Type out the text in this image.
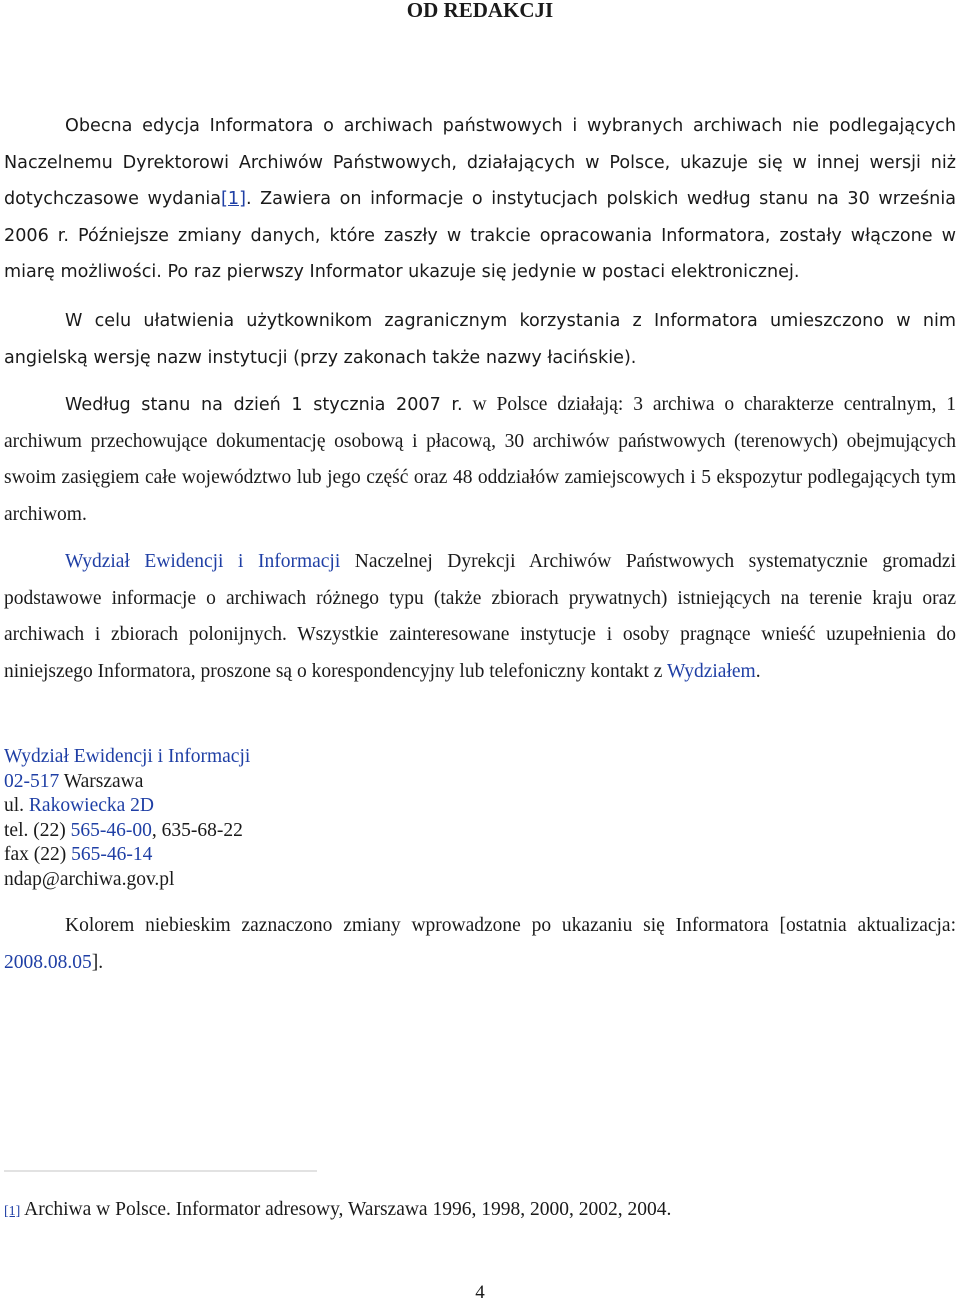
OD REDAKCJI

Obecna edycja Informatora o archiwach państwowych i wybranych archiwach nie podlegających Naczelnemu Dyrektorowi Archiwów Państwowych, działających w Polsce, ukazuje się w innej wersji niż dotychczasowe wydania[1]. Zawiera on informacje o instytucjach polskich według stanu na 30 września 2006 r. Późniejsze zmiany danych, które zaszły w trakcie opracowania Informatora, zostały włączone w miarę możliwości. Po raz pierwszy Informator ukazuje się jedynie w postaci elektronicznej.

W celu ułatwienia użytkownikom zagranicznym korzystania z Informatora umieszczono w nim angielską wersję nazw instytucji (przy zakonach także nazwy łacińskie).

Według stanu na dzień 1 stycznia 2007 r. w Polsce działają: 3 archiwa o charakterze centralnym, 1 archiwum przechowujące dokumentację osobową i płacową, 30 archiwów państwowych (terenowych) obejmujących swoim zasięgiem całe województwo lub jego część oraz 48 oddziałów zamiejscowych i 5 ekspozytur podlegających tym archiwom.

Wydział Ewidencji i Informacji Naczelnej Dyrekcji Archiwów Państwowych systematycznie gromadzi podstawowe informacje o archiwach różnego typu (także zbiorach prywatnych) istniejących na terenie kraju oraz archiwach i zbiorach polonijnych. Wszystkie zainteresowane instytucje i osoby pragnące wnieść uzupełnienia do niniejszego Informatora, proszone są o korespondencyjny lub telefoniczny kontakt z Wydziałem.

Wydział Ewidencji i Informacji
02-517 Warszawa
ul. Rakowiecka 2D
tel. (22) 565-46-00, 635-68-22
fax (22) 565-46-14
ndap@archiwa.gov.pl

Kolorem niebieskim zaznaczono zmiany wprowadzone po ukazaniu się Informatora [ostatnia aktualizacja: 2008.08.05].

[1] Archiwa w Polsce. Informator adresowy, Warszawa 1996, 1998, 2000, 2002, 2004.

4
